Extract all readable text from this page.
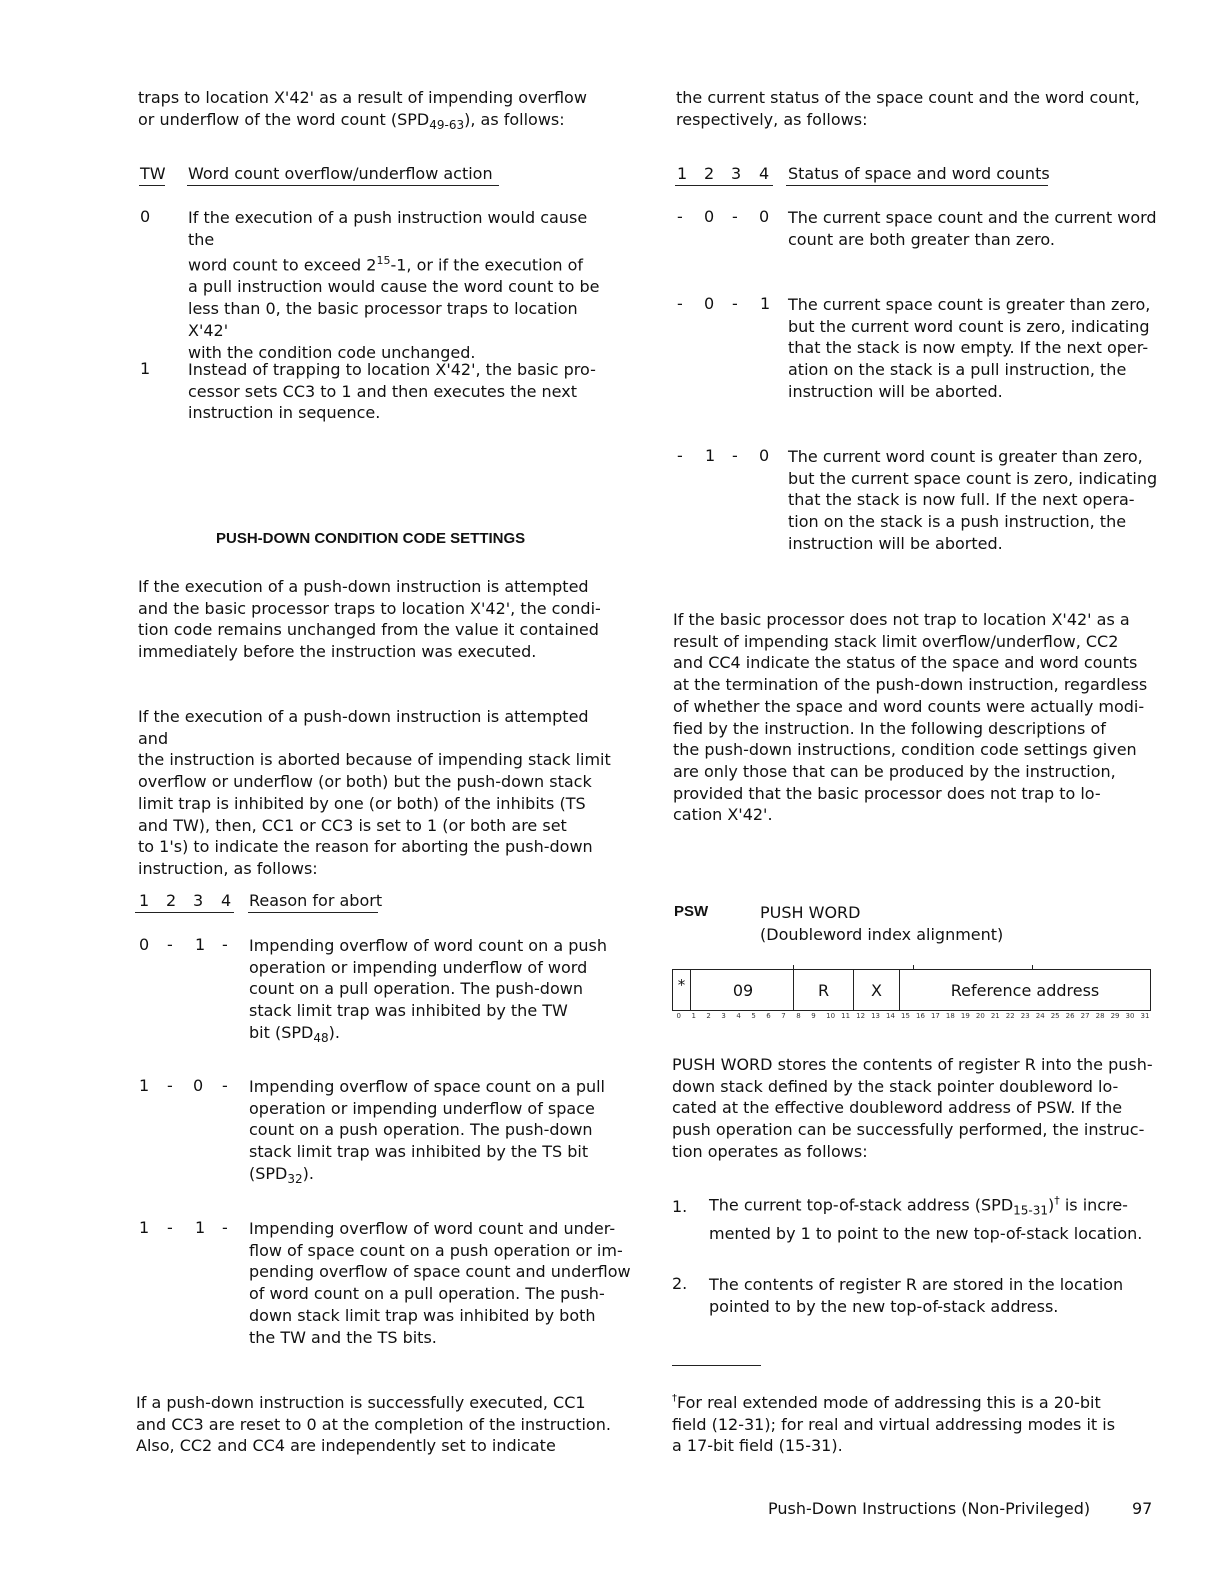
traps to location X'42' as a result of impending overflow
or underflow of the word count $(SPD_{49-63})$, as follows:
TW Word count overflow/underflow action
0 If the execution of a push instruction would cause the
word count to exceed $2^{15}-1$, or if the execution of
a pull instruction would cause the word count to be
less than 0, the basic processor traps to location X'42'
with the condition code unchanged.
1 Instead of trapping to location X'42', the basic pro-
cessor sets CC3 to 1 and then executes the next
instruction in sequence.
PUSH-DOWN CONDITION CODE SETTINGS
If the execution of a push-down instruction is attempted
and the basic processor traps to location X'42', the condi-
tion code remains unchanged from the value it contained
immediately before the instruction was executed.
If the execution of a push-down instruction is attempted and
the instruction is aborted because of impending stack limit
overflow or underflow (or both) but the push-down stack
limit trap is inhibited by one (or both) of the inhibits (TS
and TW), then, CC1 or CC3 is set to 1 (or both are set
to 1's) to indicate the reason for aborting the push-down
instruction, as follows:
1 2 3 4 Reason for abort
0 - 1 - Impending overflow of word count on a push
operation or impending underflow of word
count on a pull operation. The push-down
stack limit trap was inhibited by the TW
bit $(SPD_{48})$.
1 - 0 - Impending overflow of space count on a pull
operation or impending underflow of space
count on a push operation. The push-down
stack limit trap was inhibited by the TS bit
$(SPD_{32})$.
1 - 1 - Impending overflow of word count and under-
flow of space count on a push operation or im-
pending overflow of space count and underflow
of word count on a pull operation. The push-
down stack limit trap was inhibited by both
the TW and the TS bits.
If a push-down instruction is successfully executed, CC1
and CC3 are reset to 0 at the completion of the instruction.
Also, CC2 and CC4 are independently set to indicate
the current status of the space count and the word count,
respectively, as follows:
1 2 3 4 Status of space and word counts
- 0 - 0 The current space count and the current word
count are both greater than zero.
- 0 - 1 The current space count is greater than zero,
but the current word count is zero, indicating
that the stack is now empty. If the next oper-
ation on the stack is a pull instruction, the
instruction will be aborted.
- 1 - 0 The current word count is greater than zero,
but the current space count is zero, indicating
that the stack is now full. If the next opera-
tion on the stack is a push instruction, the
instruction will be aborted.
If the basic processor does not trap to location X'42' as a
result of impending stack limit overflow/underflow, CC2
and CC4 indicate the status of the space and word counts
at the termination of the push-down instruction, regardless
of whether the space and word counts were actually modi-
fied by the instruction. In the following descriptions of
the push-down instructions, condition code settings given
are only those that can be produced by the instruction,
provided that the basic processor does not trap to lo-
cation X'42'.
PSW	PUSH WORD
(Doubleword index alignment)
*	09	R	X	Reference address
0 1 2 3 4 5 6 7 8 9 10 11 12 13 14 15 16 17 18 19 20 21 22 23 24 25 26 27 28 29 30 31
PUSH WORD stores the contents of register R into the push-
down stack defined by the stack pointer doubleword lo-
cated at the effective doubleword address of PSW. If the
push operation can be successfully performed, the instruc-
tion operates as follows:
1. The current top-of-stack address $(SPD_{15-31})^\dagger$ is incre-
mented by 1 to point to the new top-of-stack location.
2. The contents of register R are stored in the location
pointed to by the new top-of-stack address.
†For real extended mode of addressing this is a 20-bit
field (12-31); for real and virtual addressing modes it is
a 17-bit field (15-31).
Push-Down Instructions (Non-Privileged)	97
